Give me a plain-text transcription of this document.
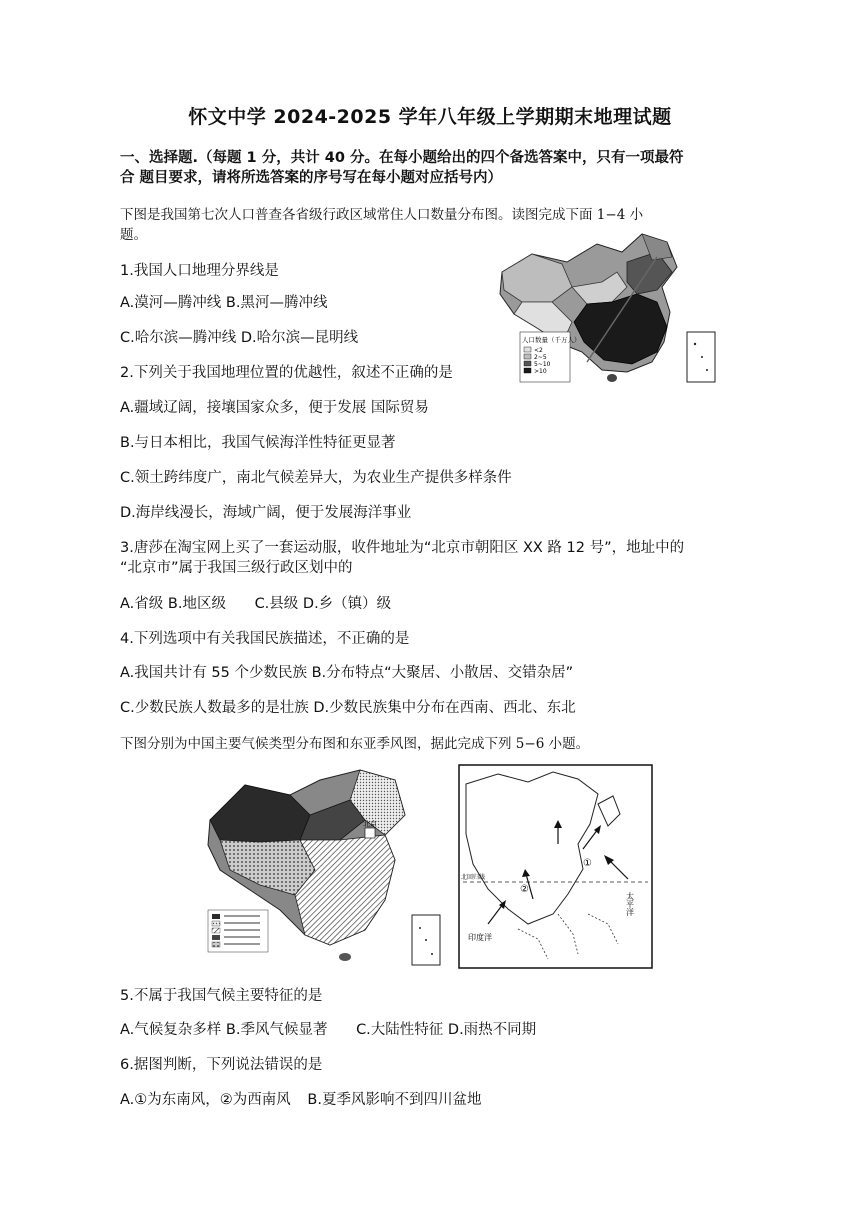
怀文中学 2024-2025 学年八年级上学期期末地理试题
一、选择题.（每题 1 分，共计 40 分。在每小题给出的四个备选答案中，只有一项最符
合 题目要求，请将所选答案的序号写在每小题对应括号内）
下图是我国第七次人口普查各省级行政区域常住人口数量分布图。读图完成下面 1−4 小
题。
人口数量（千万人）
<2
2~5
5~10
>10
1.我国人口地理分界线是
A.漠河—腾冲线 B.黑河—腾冲线
C.哈尔滨—腾冲线 D.哈尔滨—昆明线
2.下列关于我国地理位置的优越性，叙述不正确的是
A.疆域辽阔，接壤国家众多，便于发展 国际贸易
B.与日本相比，我国气候海洋性特征更显著
C.领土跨纬度广，南北气候差异大，为农业生产提供多样条件
D.海岸线漫长，海域广阔，便于发展海洋事业
3.唐莎在淘宝网上买了一套运动服，收件地址为“北京市朝阳区 XX 路 12 号”，地址中的
“北京市”属于我国三级行政区划中的
A.省级 B.地区级 C.县级 D.乡（镇）级
4.下列选项中有关我国民族描述，不正确的是
A.我国共计有 55 个少数民族 B.分布特点“大聚居、小散居、交错杂居”
C.少数民族人数最多的是壮族 D.少数民族集中分布在西南、西北、东北
下图分别为中国主要气候类型分布图和东亚季风图，据此完成下列 5−6 小题。
北京
①
②
北回归线
太平洋
印度洋
5.不属于我国气候主要特征的是
A.气候复杂多样 B.季风气候显著 C.大陆性特征 D.雨热不同期
6.据图判断，下列说法错误的是
A.①为东南风，②为西南风 B.夏季风影响不到四川盆地
